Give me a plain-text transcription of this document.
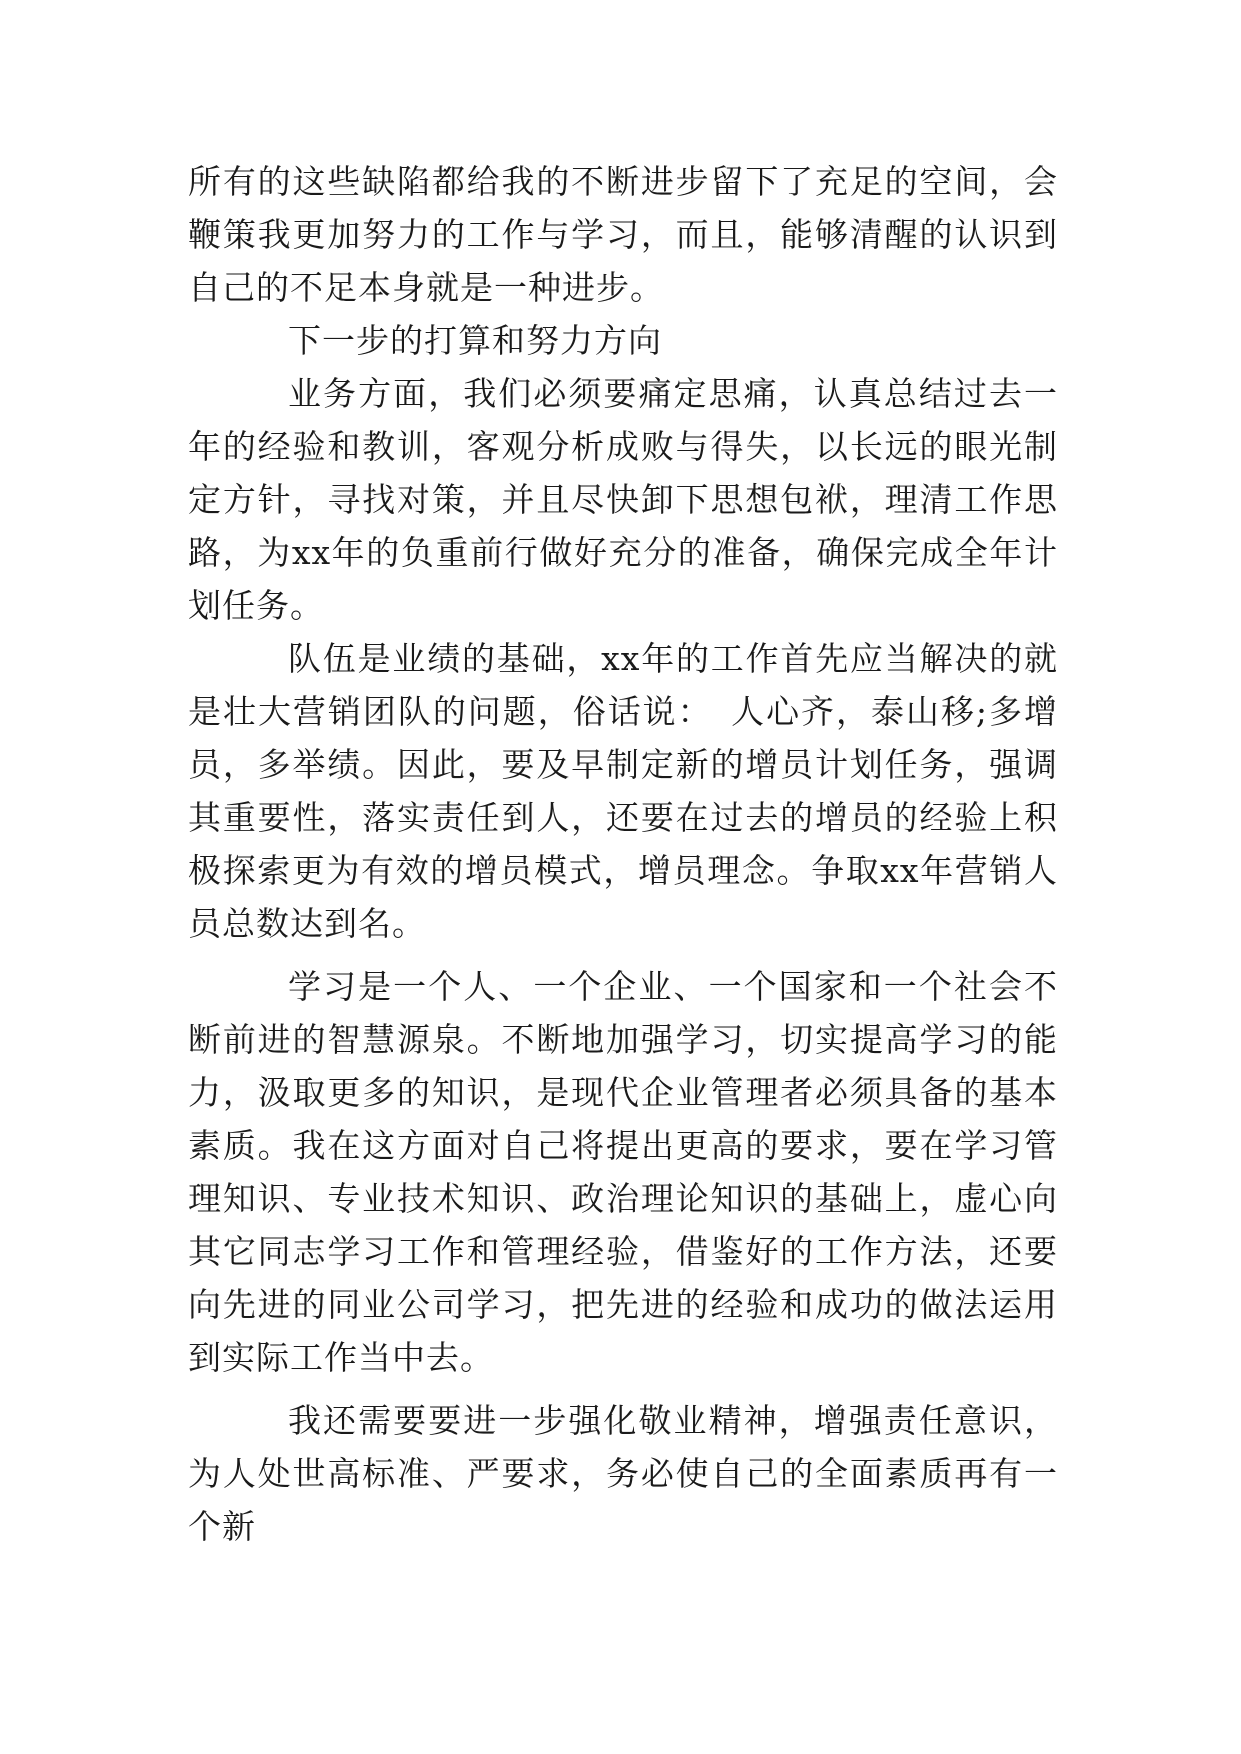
所有的这些缺陷都给我的不断进步留下了充足的空间，会鞭策我更加努力的工作与学习，而且，能够清醒的认识到自己的不足本身就是一种进步。

下一步的打算和努力方向

业务方面，我们必须要痛定思痛，认真总结过去一年的经验和教训，客观分析成败与得失，以长远的眼光制定方针，寻找对策，并且尽快卸下思想包袱，理清工作思路，为xx年的负重前行做好充分的准备，确保完成全年计划任务。

队伍是业绩的基础，xx年的工作首先应当解决的就是壮大营销团队的问题，俗话说：　人心齐，泰山移;多增员，多举绩。因此，要及早制定新的增员计划任务，强调其重要性，落实责任到人，还要在过去的增员的经验上积极探索更为有效的增员模式，增员理念。争取xx年营销人员总数达到名。

学习是一个人、一个企业、一个国家和一个社会不断前进的智慧源泉。不断地加强学习，切实提高学习的能力，汲取更多的知识，是现代企业管理者必须具备的基本素质。我在这方面对自己将提出更高的要求，要在学习管理知识、专业技术知识、政治理论知识的基础上，虚心向其它同志学习工作和管理经验，借鉴好的工作方法，还要向先进的同业公司学习，把先进的经验和成功的做法运用到实际工作当中去。

我还需要要进一步强化敬业精神，增强责任意识，为人处世高标准、严要求，务必使自己的全面素质再有一个新
